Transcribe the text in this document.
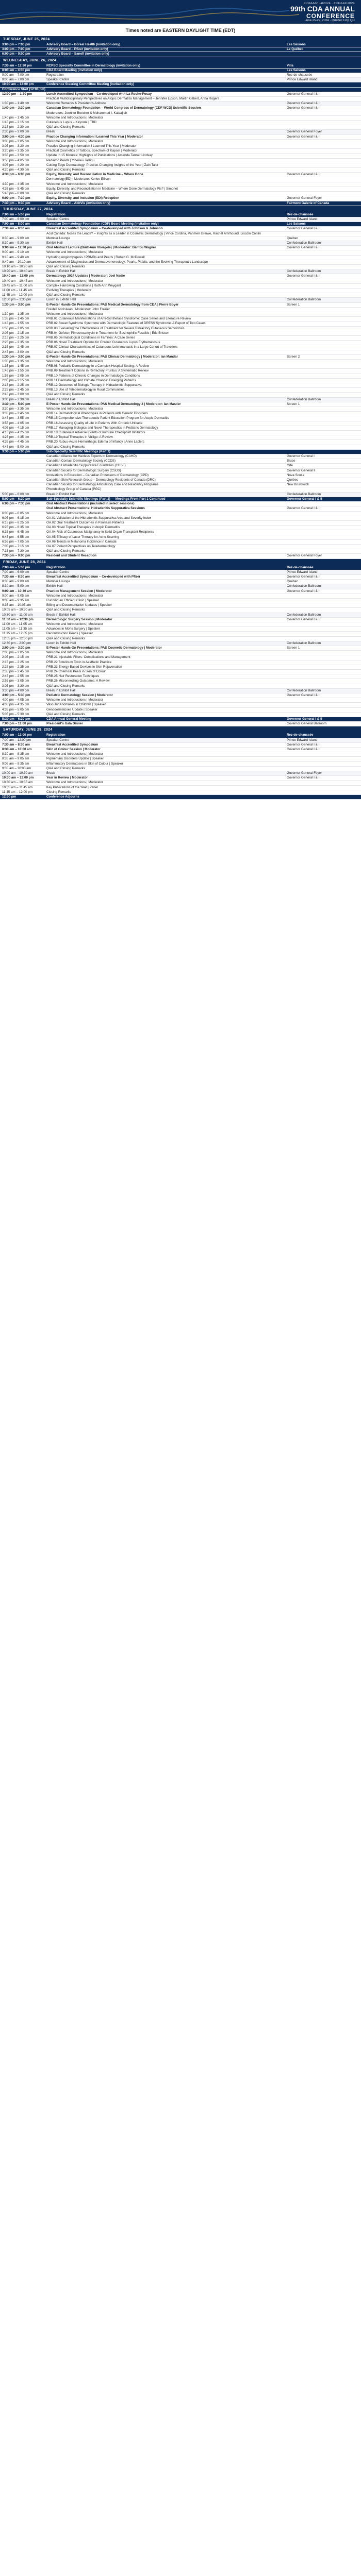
#CDAAnnual2024 · #CDAAC2024
99th CDA ANNUAL
CONFERENCE
June 25-29, 2024 · Québec City, QC
Times noted are EASTERN DAYLIGHT TIME (EDT)
TUESDAY, JUNE 25, 2024
3:00 pm – 7:00 pm	Advisory Board – Boreal Health (invitation only)	Les Saisons
3:00 pm – 7:00 pm	Advisory Board – Pfizer (invitation only)	Le Québec
6:00 pm – 9:00 pm	Advisory Board – Sanofi (invitation only)
WEDNESDAY, JUNE 26, 2024
7:30 am – 12:30 pm	RCPSC Specialty Committee in Dermatology (invitation only)	Villa
8:00 am – 4:00 pm	CDA Board Meeting (invitation only)	Les Saisons
9:00 am – 7:00 pm	Registration	Rez-de-chaussée
9:00 am – 7:00 pm	Speaker Centre	Prince Edward Island
10:00 am – 12:00 pm	Conference Steering Committee Meeting (invitation only)
Conference Start (12:00 pm)
12:00 pm – 1:30 pm	Lunch Accredited Symposium – Co-developed with La Roche-Posay	Governor General I & II
Practical Multidisciplinary Perspectives on Atopic Dermatitis Management – Jennifer Lipson, Martin Gilbert, Anna Rogers
1:30 pm – 1:40 pm	Welcome Remarks & President's Address	Governor General I & II
1:40 pm – 3:30 pm	Canadian Dermatology Foundation – World Congress of Dermatology (CDF WCD) Scientific Session	Governor General I & II
Moderators: Jennifer Beecker & Mohammed I. Kalaajieh
1:40 pm – 1:45 pm	Welcome and Introductions | Moderator
1:45 pm – 2:15 pm	Cutaneous Lupus – Keynote | TBD
2:15 pm – 2:30 pm	Q&A and Closing Remarks
2:30 pm – 3:00 pm	Break	Governor General Foyer
3:00 pm – 4:30 pm	Practice Changing Information I Learned This Year | Moderator	Governor General I & II
3:00 pm – 3:05 pm	Welcome and Introductions | Moderator
3:05 pm – 3:20 pm	Practice Changing Information I Learned This Year | Moderator
3:20 pm – 3:35 pm	Practical Cosmetics of Tattoos, Spectrum of Kaposi | Moderator
3:35 pm – 3:50 pm	Update in 15 Minutes: Highlights of Publications | Amanda Tanner Lindsay
3:50 pm – 4:05 pm	Pediatric Pearls | Yibeneu Jarriqu
4:05 pm – 4:20 pm	Cutting Edge Dermatology: Practice-Changing Insights of the Year | Zain Talor
4:20 pm – 4:30 pm	Q&A and Closing Remarks
4:30 pm – 6:00 pm	Equity, Diversity, and Reconciliation in Medicine – Where Done	Governor General I & II
Dermatology(ED) | Moderator: Kerlee Ellison
4:30 pm – 4:35 pm	Welcome and Introductions | Moderator
4:35 pm – 5:45 pm	Equity, Diversity, and Reconciliation in Medicine – Where Done Dermatology Pts? | Simonet
5:45 pm – 6:00 pm	Q&A and Closing Remarks
6:00 pm – 7:30 pm	Equity, Diversity, and Inclusion (EDI) Reception	Governor General Foyer
7:30 pm – 9:30 pm	Advisory Board – AbbVie (invitation only)	Fairmont Galerie of Canada
THURSDAY, JUNE 27, 2024
7:00 am – 5:00 pm	Registration	Rez-de-chaussée
7:00 am – 6:00 pm	Speaker Centre	Prince Edward Island
7:00 am – 8:00 am	Canadian Dermatology Foundation (CDF) Board Meeting (invitation only)	Les Saisons
7:30 am – 8:30 am	Breakfast Accredited Symposium – Co-developed with Johnson & Johnson	Governor General I & II
Acid Canada: Noses the Leads? – Insights as a Leader in Cosmetic Dermatology | Vince Cordina, Parimen Greiwe, Rachel Amrhound, Lincoln Conlin
8:30 am – 9:00 am	Member Lounge	Québec
8:30 am – 9:30 am	Exhibit Hall	Confederation Ballroom
9:00 am – 12:30 pm	Oral Abstract Lecture (Built-Ann Vbergele) | Moderator: Bambu Wagner	Governor General I & II
9:00 am – 9:10 am	Welcome and Introductions | Moderator
9:10 am – 9:40 am	Hydrating Angiomysgesis / PRMBs and Pearls | Robert G. McDowell
9:40 am – 10:10 am	Advancement of Diagnostics and Dermatovenereology: Pearls, Pitfalls, and the Evolving Therapeutic Landscape
10:10 am – 10:20 am	Q&A and Closing Remarks
10:20 am – 10:40 am	Break in Exhibit Hall	Confederation Ballroom
10:40 am – 12:00 pm	Dermatology 2024 Updates | Moderator: Joel Nadie	Governor General I & II
10:40 am – 10:45 am	Welcome and Introductions | Moderator
10:45 am – 11:00 am	Complex Harrowing Conditions | Ruth Ann Weygant
11:00 am – 11:45 am	Evolving Therapies | Moderator
11:45 am – 12:00 pm	Q&A and Closing Remarks
12:00 pm – 1:30 pm	Lunch in Exhibit Hall	Confederation Ballroom
1:30 pm – 3:00 pm	E-Poster Hands-On Presentations: PAS Medical Dermatology from CDA | Pierre Boyer	Screen 1
Freidell Andrulean | Moderator: John Frazier
1:30 pm – 1:35 pm	Welcome and Introductions | Moderator
1:35 pm – 1:45 pm	PRB.01 Cutaneous Manifestations of Anti-Synthetase Syndrome: Case Series and Literature Review
1:45 pm – 1:55 pm	PRB.02 Sweet Syndrome Syndrome with Dermatologic Features of DRESS Syndrome: A Report of Two Cases
1:55 pm – 2:05 pm	PRB.03 Evaluating the Effectiveness of Treatment for Severe Refractory Cutaneous Sarcoidosis
2:05 pm – 2:15 pm	PRB.04 Gefeten Pimecrosamycin in Treatment for Eosinophilic Fasciitis | Eric Brisson
2:15 pm – 2:25 pm	PRB.05 Dermatological Conditions in Families: A Case Series
2:25 pm – 2:35 pm	PRB.06 Novel Treatment Options for Chronic Cutaneous Lupus Erythematosus
2:35 pm – 2:45 pm	PRB.07 Clinical Characteristics of Cutaneous Leishmaniasis in a Large Cohort of Travellers
2:45 pm – 3:00 pm	Q&A and Closing Remarks
1:30 pm – 3:00 pm	E-Poster Hands-On Presentations: PAS Clinical Dermatology | Moderator: Ian Mandar	Screen 2
1:30 pm – 1:35 pm	Welcome and Introductions | Moderator
1:35 pm – 1:45 pm	PRB.08 Pediatric Dermatology in a Complex Hospital Setting: A Review
1:45 pm – 1:55 pm	PRB.09 Treatment Options in Refractory Pruritus: A Systematic Review
1:55 pm – 2:05 pm	PRB.10 Patterns of Chronic Changes in Dermatologic Conditions
2:05 pm – 2:15 pm	PRB.11 Dermatology and Climate Change: Emerging Patterns
2:15 pm – 2:25 pm	PRB.12 Outcomes of Biologic Therapy in Hidradenitis Suppurativa
2:25 pm – 2:45 pm	PRB.13 Use of Teledermatology in Rural Communities
2:45 pm – 3:00 pm	Q&A and Closing Remarks
3:00 pm – 3:30 pm	Break in Exhibit Hall	Confederation Ballroom
3:30 pm – 5:00 pm	E-Poster Hands-On Presentations: PAS Medical Dermatology 2 | Moderator: Ian Marzier	Screen 1
3:30 pm – 3:35 pm	Welcome and Introductions | Moderator
3:35 pm – 3:45 pm	PRB.14 Dermatological Phenotypes in Patients with Genetic Disorders
3:45 pm – 3:55 pm	PRB.15 Comprehensive Therapeutic Patient Education Program for Atopic Dermatitis
3:55 pm – 4:05 pm	PRB.16 Assessing Quality of Life in Patients With Chronic Urticaria
4:05 pm – 4:15 pm	PRB.17 Managing Biologics and Novel Therapeutics in Pediatric Dermatology
4:15 pm – 4:25 pm	PRB.18 Cutaneous Adverse Events of Immune Checkpoint Inhibitors
4:25 pm – 4:35 pm	PRB.19 Topical Therapies in Vitiligo: A Review
4:35 pm – 4:45 pm	PRB.20 Rubus-Acute Hemorrhagic Edema of Infancy | Anne Laclerc
4:45 pm – 5:00 pm	Q&A and Closing Remarks
3:30 pm – 5:00 pm	Sub-Specialty Scientific Meetings (Part 1)
Canadian Alliance for Hairless Experts in Dermatology (CAHD)	Governor General I
Canadian Contact Dermatology Society (CCDS)	Bruce
Canadian Hidradenitis Suppurativa Foundation (CHSF)	Orle
Canadian Society for Dermatologic Surgery (CSDS)	Governor General II
Innovations in Education – Canadian Professors of Dermatology (CPD)	Nova Scotia
Canadian Skin Research Group – Dermatology Residents of Canada (DRC)	Québec
Canadian Society for Dermatology Ambulatory Care and Residency Programs	New Brunswick
Photobiology Group of Canada (PGC)
5:00 pm – 6:00 pm	Break in Exhibit Hall	Confederation Ballroom
5:00 pm – 6:30 pm	Sub-Specialty Scientific Meetings (Part 2) — Meetings From Part 1 Continued	Governor General I & II
6:00 pm – 7:30 pm	Oral Abstract Presentations (included in select sessions)
Oral Abstract Presentations: Hidradenitis Suppurativa Sessions	Governor General I & II
6:00 pm – 6:05 pm	Welcome and Introductions | Moderator
6:05 pm – 6:15 pm	OA.01 Validation of the Hidradenitis Suppurativa Area and Severity Index
6:15 pm – 6:25 pm	OA.02 Oral Treatment Outcomes in Psoriasis Patients
6:25 pm – 6:35 pm	OA.03 Novel Topical Therapies in Atopic Dermatitis
6:35 pm – 6:45 pm	OA.04 Risk of Cutaneous Malignancy in Solid Organ Transplant Recipients
6:45 pm – 6:55 pm	OA.05 Efficacy of Laser Therapy for Acne Scarring
6:55 pm – 7:05 pm	OA.06 Trends in Melanoma Incidence in Canada
7:05 pm – 7:15 pm	OA.07 Patient Perspectives on Teledermatology
7:15 pm – 7:30 pm	Q&A and Closing Remarks
7:30 pm – 9:00 pm	Resident and Student Reception	Governor General Foyer
FRIDAY, JUNE 28, 2024
7:00 am – 5:00 pm	Registration	Rez-de-chaussée
7:00 am – 6:00 pm	Speaker Centre	Prince Edward Island
7:30 am – 8:30 am	Breakfast Accredited Symposium – Co-developed with Pfizer	Governor General I & II
8:30 am – 9:00 am	Member Lounge	Québec
8:30 am – 5:00 pm	Exhibit Hall	Confederation Ballroom
9:00 am – 10:30 am	Practice Management Session | Moderator	Governor General I & II
9:00 am – 9:05 am	Welcome and Introductions | Moderator
9:05 am – 9:35 am	Running an Efficient Clinic | Speaker
9:35 am – 10:05 am	Billing and Documentation Updates | Speaker
10:05 am – 10:30 am	Q&A and Closing Remarks
10:30 am – 11:00 am	Break in Exhibit Hall	Confederation Ballroom
11:00 am – 12:30 pm	Dermatologic Surgery Session | Moderator	Governor General I & II
11:00 am – 11:05 am	Welcome and Introductions | Moderator
11:05 am – 11:35 am	Advances in Mohs Surgery | Speaker
11:35 am – 12:05 pm	Reconstruction Pearls | Speaker
12:05 pm – 12:30 pm	Q&A and Closing Remarks
12:30 pm – 2:00 pm	Lunch in Exhibit Hall	Confederation Ballroom
2:00 pm – 3:30 pm	E-Poster Hands-On Presentations: PAS Cosmetic Dermatology | Moderator	Screen 1
2:00 pm – 2:05 pm	Welcome and Introductions | Moderator
2:05 pm – 2:15 pm	PRB.21 Injectable Fillers: Complications and Management
2:15 pm – 2:25 pm	PRB.22 Botulinum Toxin in Aesthetic Practice
2:25 pm – 2:35 pm	PRB.23 Energy-Based Devices in Skin Rejuvenation
2:35 pm – 2:45 pm	PRB.24 Chemical Peels in Skin of Colour
2:45 pm – 2:55 pm	PRB.25 Hair Restoration Techniques
2:55 pm – 3:05 pm	PRB.26 Microneedling Outcomes: A Review
3:05 pm – 3:30 pm	Q&A and Closing Remarks
3:30 pm – 4:00 pm	Break in Exhibit Hall	Confederation Ballroom
4:00 pm – 5:30 pm	Pediatric Dermatology Session | Moderator	Governor General I & II
4:00 pm – 4:05 pm	Welcome and Introductions | Moderator
4:05 pm – 4:35 pm	Vascular Anomalies in Children | Speaker
4:35 pm – 5:05 pm	Genodermatoses Update | Speaker
5:05 pm – 5:30 pm	Q&A and Closing Remarks
5:30 pm – 6:30 pm	CDA Annual General Meeting	Governor General I & II
7:00 pm – 11:00 pm	President's Gala Dinner	Governor General Ballroom
SATURDAY, JUNE 29, 2024
7:00 am – 12:00 pm	Registration	Rez-de-chaussée
7:00 am – 12:00 pm	Speaker Centre	Prince Edward Island
7:30 am – 8:30 am	Breakfast Accredited Symposium	Governor General I & II
8:30 am – 10:00 am	Skin of Colour Session | Moderator	Governor General I & II
8:30 am – 8:35 am	Welcome and Introductions | Moderator
8:35 am – 9:05 am	Pigmentary Disorders Update | Speaker
9:05 am – 9:35 am	Inflammatory Dermatoses in Skin of Colour | Speaker
9:35 am – 10:00 am	Q&A and Closing Remarks
10:00 am – 10:30 am	Break	Governor General Foyer
10:30 am – 12:00 pm	Year in Review | Moderator	Governor General I & II
10:30 am – 10:35 am	Welcome and Introductions | Moderator
10:35 am – 11:45 am	Key Publications of the Year | Panel
11:45 am – 12:00 pm	Closing Remarks
12:00 pm	Conference Adjourns
